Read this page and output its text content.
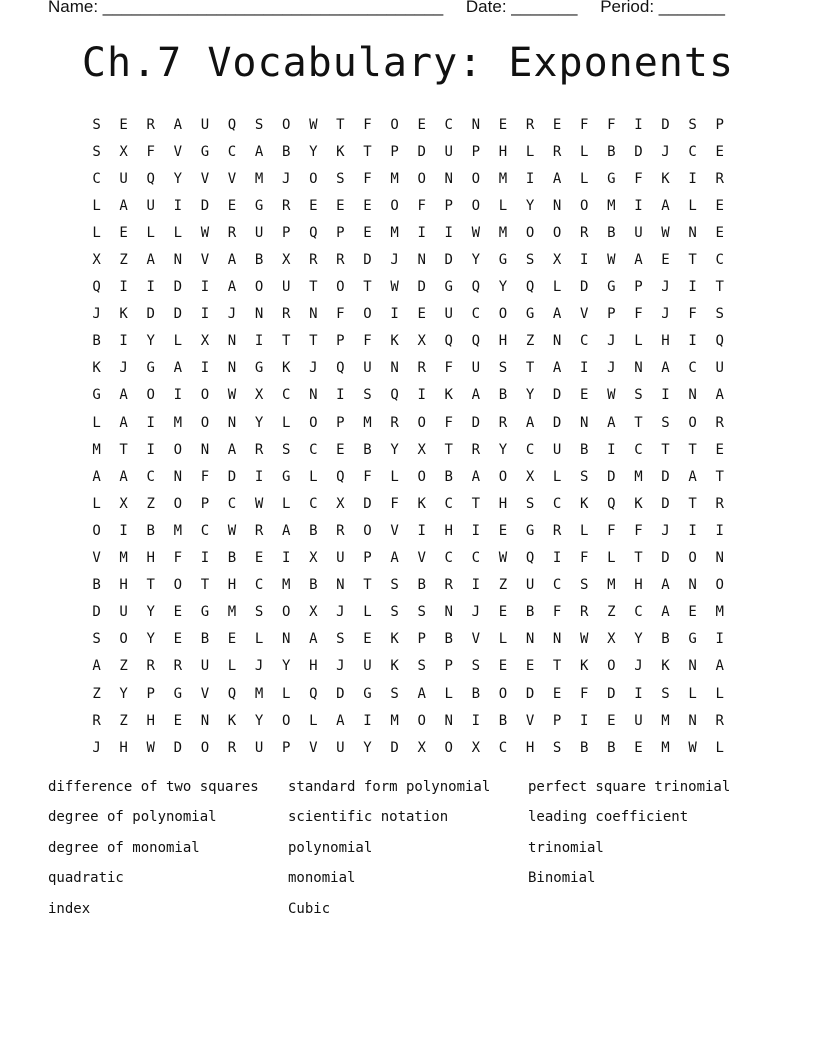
Name: ____________________________________ Date: _______ Period: _______
Ch.7 Vocabulary: Exponents
S	E	R	A	U	Q	S	O	W	T	F	O	E	C	N	E	R	E	F	F	I	D	S	P
S	X	F	V	G	C	A	B	Y	K	T	P	D	U	P	H	L	R	L	B	D	J	C	E
C	U	Q	Y	V	V	M	J	O	S	F	M	O	N	O	M	I	A	L	G	F	K	I	R
L	A	U	I	D	E	G	R	E	E	E	O	F	P	O	L	Y	N	O	M	I	A	L	E
L	E	L	L	W	R	U	P	Q	P	E	M	I	I	W	M	O	O	R	B	U	W	N	E
X	Z	A	N	V	A	B	X	R	R	D	J	N	D	Y	G	S	X	I	W	A	E	T	C
Q	I	I	D	I	A	O	U	T	O	T	W	D	G	Q	Y	Q	L	D	G	P	J	I	T
J	K	D	D	I	J	N	R	N	F	O	I	E	U	C	O	G	A	V	P	F	J	F	S
B	I	Y	L	X	N	I	T	T	P	F	K	X	Q	Q	H	Z	N	C	J	L	H	I	Q
K	J	G	A	I	N	G	K	J	Q	U	N	R	F	U	S	T	A	I	J	N	A	C	U
G	A	O	I	O	W	X	C	N	I	S	Q	I	K	A	B	Y	D	E	W	S	I	N	A
L	A	I	M	O	N	Y	L	O	P	M	R	O	F	D	R	A	D	N	A	T	S	O	R
M	T	I	O	N	A	R	S	C	E	B	Y	X	T	R	Y	C	U	B	I	C	T	T	E
A	A	C	N	F	D	I	G	L	Q	F	L	O	B	A	O	X	L	S	D	M	D	A	T
L	X	Z	O	P	C	W	L	C	X	D	F	K	C	T	H	S	C	K	Q	K	D	T	R
O	I	B	M	C	W	R	A	B	R	O	V	I	H	I	E	G	R	L	F	F	J	I	I
V	M	H	F	I	B	E	I	X	U	P	A	V	C	C	W	Q	I	F	L	T	D	O	N
B	H	T	O	T	H	C	M	B	N	T	S	B	R	I	Z	U	C	S	M	H	A	N	O
D	U	Y	E	G	M	S	O	X	J	L	S	S	N	J	E	B	F	R	Z	C	A	E	M
S	O	Y	E	B	E	L	N	A	S	E	K	P	B	V	L	N	N	W	X	Y	B	G	I
A	Z	R	R	U	L	J	Y	H	J	U	K	S	P	S	E	E	T	K	O	J	K	N	A
Z	Y	P	G	V	Q	M	L	Q	D	G	S	A	L	B	O	D	E	F	D	I	S	L	L
R	Z	H	E	N	K	Y	O	L	A	I	M	O	N	I	B	V	P	I	E	U	M	N	R
J	H	W	D	O	R	U	P	V	U	Y	D	X	O	X	C	H	S	B	B	E	M	W	L
difference of two squares	standard form polynomial	perfect square trinomial
degree of polynomial	scientific notation	leading coefficient
degree of monomial	polynomial	trinomial
quadratic	monomial	Binomial
index	Cubic
